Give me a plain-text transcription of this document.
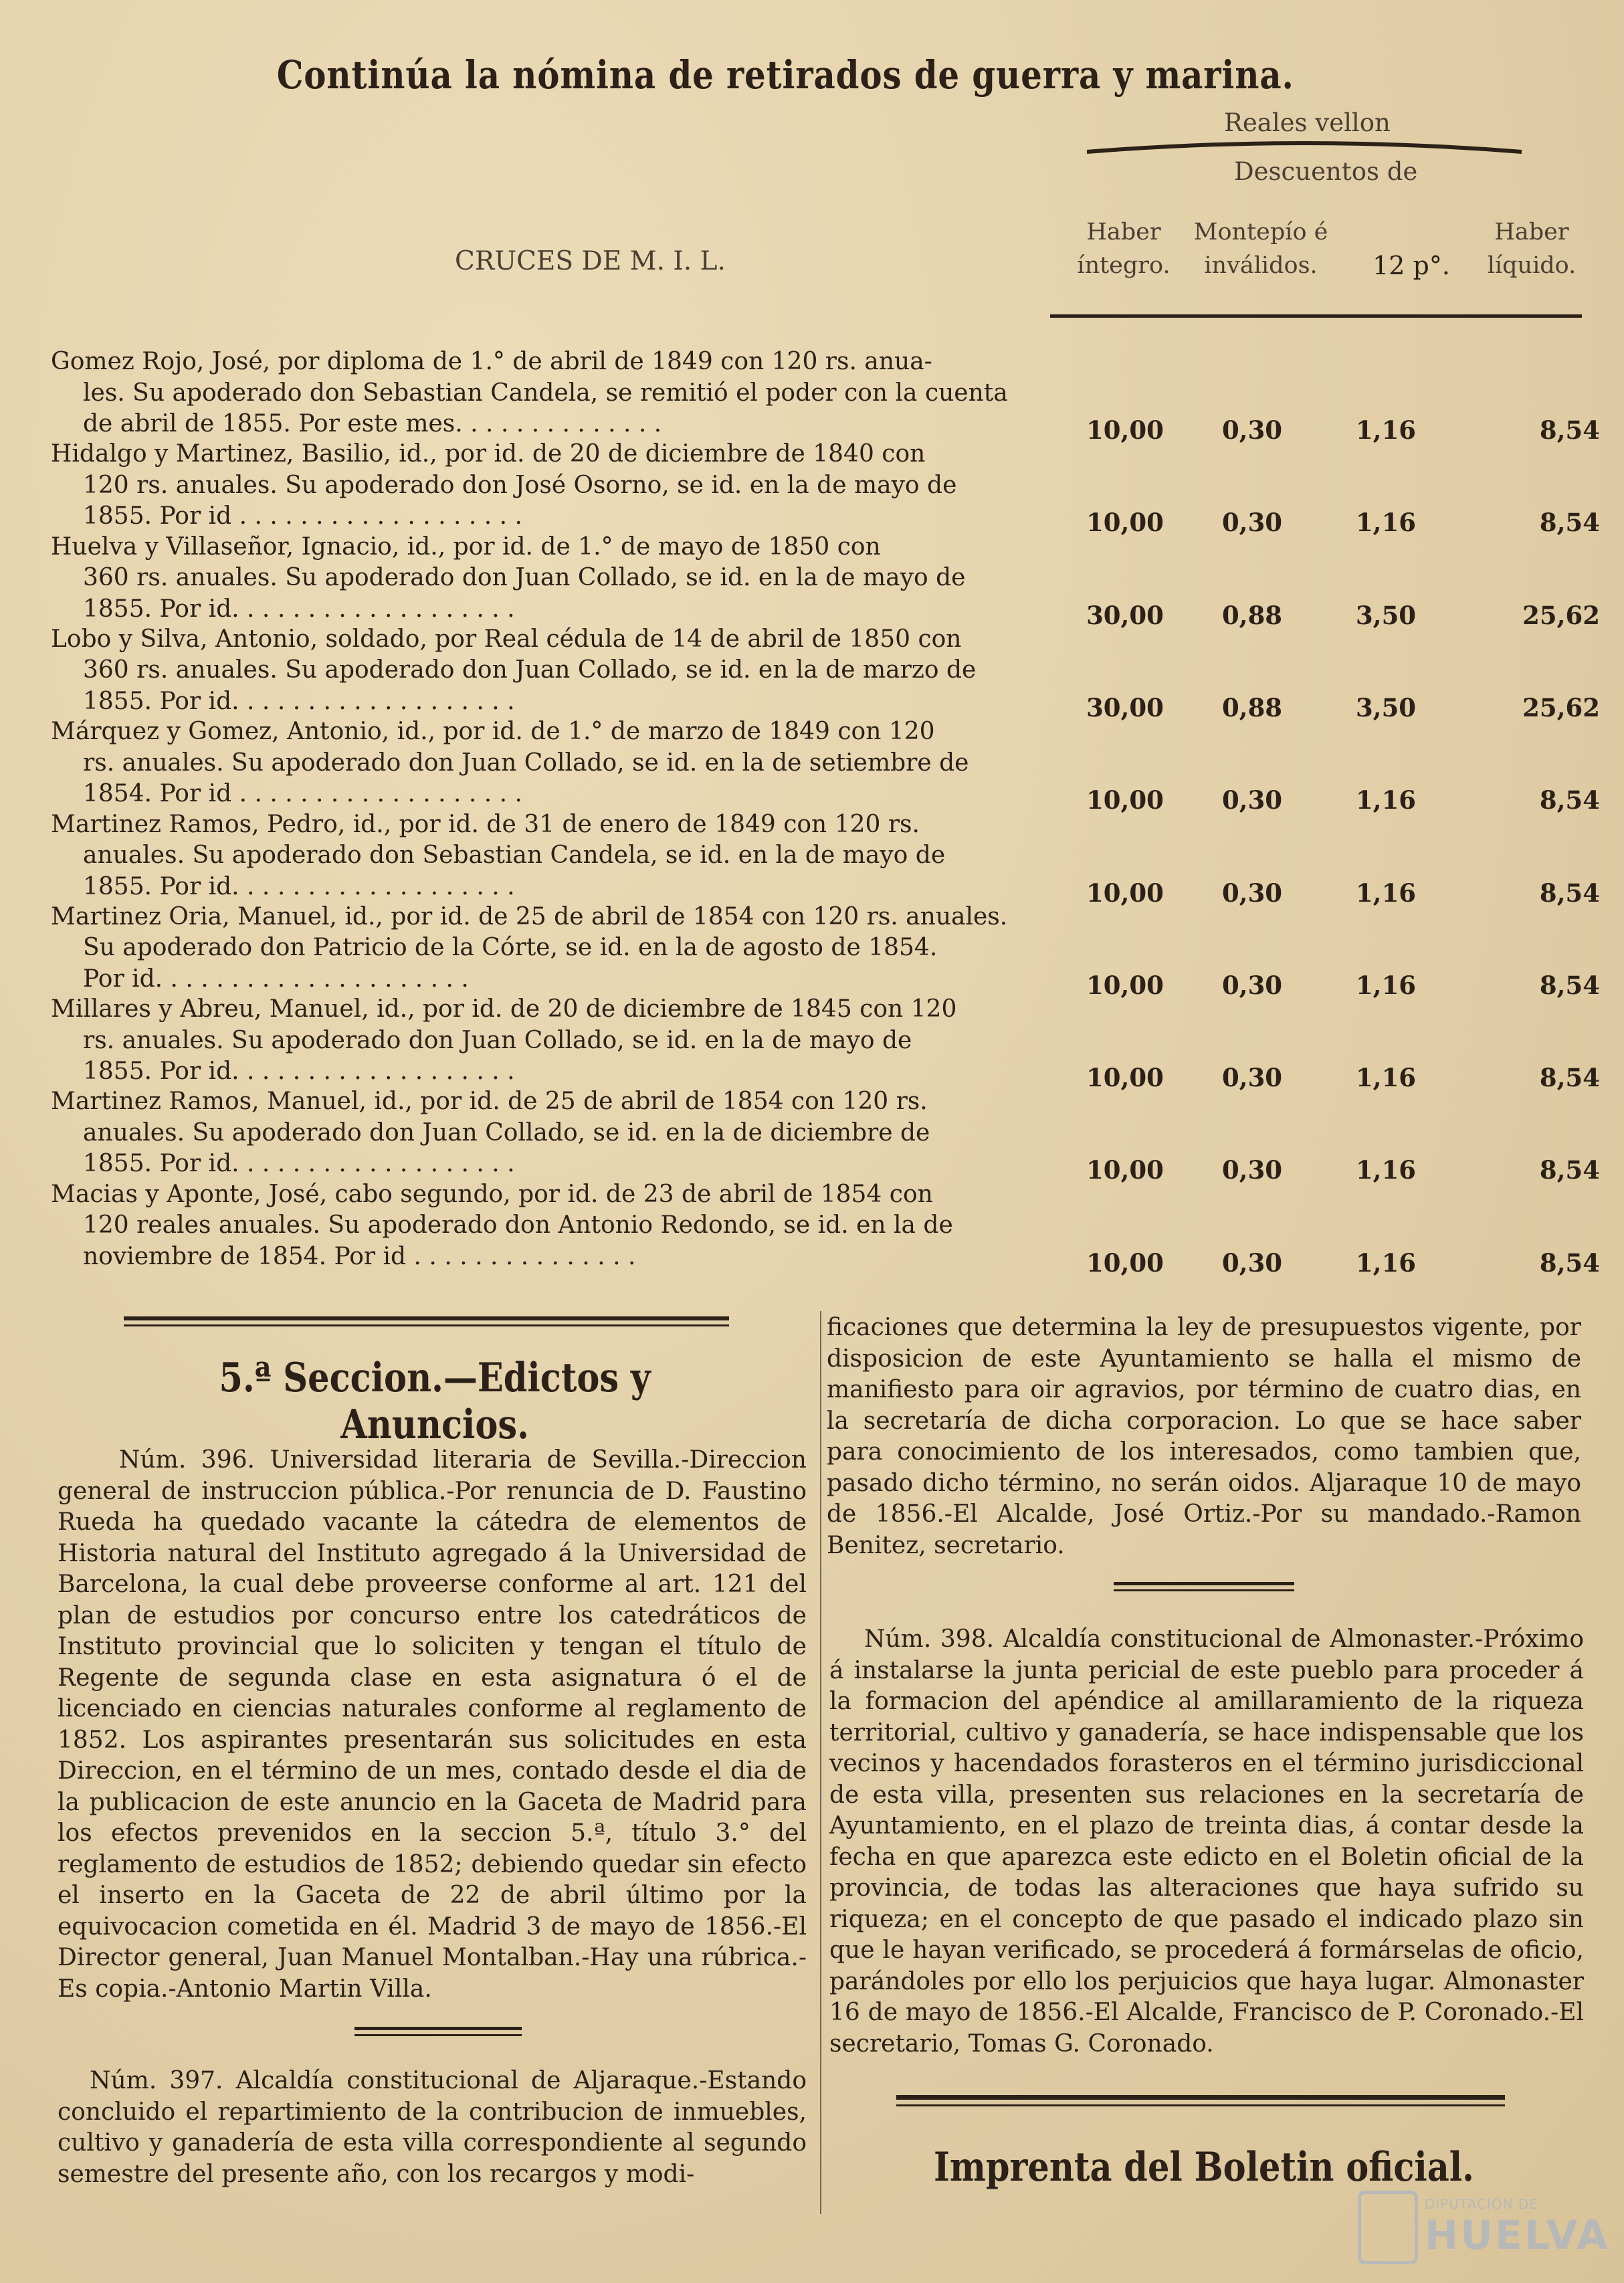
Continúa la nómina de retirados de guerra y marina.
Reales vellon
Descuentos de
CRUCES DE M. I. L.
Haber íntegro.
Montepío é inválidos.	12 p°.
Haber líquido.
Gomez Rojo, José, por diploma de 1.° de abril de 1849 con 120 rs. anua-
les. Su apoderado don Sebastian Candela, se remitió el poder con la cuenta
de abril de 1855. Por este mes. . . . . . . . . . . . . .	10,00	0,30	1,16	8,54
Hidalgo y Martinez, Basilio, id., por id. de 20 de diciembre de 1840 con
120 rs. anuales. Su apoderado don José Osorno, se id. en la de mayo de
1855. Por id . . . . . . . . . . . . . . . . . . .	10,00	0,30	1,16	8,54
Huelva y Villaseñor, Ignacio, id., por id. de 1.° de mayo de 1850 con
360 rs. anuales. Su apoderado don Juan Collado, se id. en la de mayo de
1855. Por id. . . . . . . . . . . . . . . . . . .	30,00	0,88	3,50	25,62
Lobo y Silva, Antonio, soldado, por Real cédula de 14 de abril de 1850 con
360 rs. anuales. Su apoderado don Juan Collado, se id. en la de marzo de
1855. Por id. . . . . . . . . . . . . . . . . . .	30,00	0,88	3,50	25,62
Márquez y Gomez, Antonio, id., por id. de 1.° de marzo de 1849 con 120
rs. anuales. Su apoderado don Juan Collado, se id. en la de setiembre de
1854. Por id . . . . . . . . . . . . . . . . . . .	10,00	0,30	1,16	8,54
Martinez Ramos, Pedro, id., por id. de 31 de enero de 1849 con 120 rs.
anuales. Su apoderado don Sebastian Candela, se id. en la de mayo de
1855. Por id. . . . . . . . . . . . . . . . . . .	10,00	0,30	1,16	8,54
Martinez Oria, Manuel, id., por id. de 25 de abril de 1854 con 120 rs. anuales.
Su apoderado don Patricio de la Córte, se id. en la de agosto de 1854.
Por id. . . . . . . . . . . . . . . . . . . . .	10,00	0,30	1,16	8,54
Millares y Abreu, Manuel, id., por id. de 20 de diciembre de 1845 con 120
rs. anuales. Su apoderado don Juan Collado, se id. en la de mayo de
1855. Por id. . . . . . . . . . . . . . . . . . .	10,00	0,30	1,16	8,54
Martinez Ramos, Manuel, id., por id. de 25 de abril de 1854 con 120 rs.
anuales. Su apoderado don Juan Collado, se id. en la de diciembre de
1855. Por id. . . . . . . . . . . . . . . . . . .	10,00	0,30	1,16	8,54
Macias y Aponte, José, cabo segundo, por id. de 23 de abril de 1854 con
120 reales anuales. Su apoderado don Antonio Redondo, se id. en la de
noviembre de 1854. Por id . . . . . . . . . . . . . . .	10,00	0,30	1,16	8,54
5.ª Seccion.—Edictos y Anuncios.
Núm. 396. Universidad literaria de Sevilla.-Direccion general de instruccion pública.-Por renuncia de D. Faustino Rueda ha quedado vacante la cátedra de elementos de Historia natural del Instituto agregado á la Universidad de Barcelona, la cual debe proveerse conforme al art. 121 del plan de estudios por concurso entre los catedráticos de Instituto provincial que lo soliciten y tengan el título de Regente de segunda clase en esta asignatura ó el de licenciado en ciencias naturales conforme al reglamento de 1852. Los aspirantes presentarán sus solicitudes en esta Direccion, en el término de un mes, contado desde el dia de la publicacion de este anuncio en la Gaceta de Madrid para los efectos prevenidos en la seccion 5.ª, título 3.° del reglamento de estudios de 1852; debiendo quedar sin efecto el inserto en la Gaceta de 22 de abril último por la equivocacion cometida en él. Madrid 3 de mayo de 1856.-El Director general, Juan Manuel Montalban.-Hay una rúbrica.-Es copia.-Antonio Martin Villa.
Núm. 397. Alcaldía constitucional de Aljaraque.-Estando concluido el repartimiento de la contribucion de inmuebles, cultivo y ganadería de esta villa correspondiente al segundo semestre del presente año, con los recargos y modi-
ficaciones que determina la ley de presupuestos vigente, por disposicion de este Ayuntamiento se halla el mismo de manifiesto para oir agravios, por término de cuatro dias, en la secretaría de dicha corporacion. Lo que se hace saber para conocimiento de los interesados, como tambien que, pasado dicho término, no serán oidos. Aljaraque 10 de mayo de 1856.-El Alcalde, José Ortiz.-Por su mandado.-Ramon Benitez, secretario.
Núm. 398. Alcaldía constitucional de Almonaster.-Próximo á instalarse la junta pericial de este pueblo para proceder á la formacion del apéndice al amillaramiento de la riqueza territorial, cultivo y ganadería, se hace indispensable que los vecinos y hacendados forasteros en el término jurisdiccional de esta villa, presenten sus relaciones en la secretaría de Ayuntamiento, en el plazo de treinta dias, á contar desde la fecha en que aparezca este edicto en el Boletin oficial de la provincia, de todas las alteraciones que haya sufrido su riqueza; en el concepto de que pasado el indicado plazo sin que le hayan verificado, se procederá á formárselas de oficio, parándoles por ello los perjuicios que haya lugar. Almonaster 16 de mayo de 1856.-El Alcalde, Francisco de P. Coronado.-El secretario, Tomas G. Coronado.
Imprenta del Boletin oficial.
DIPUTACIÓN DE
HUELVA
